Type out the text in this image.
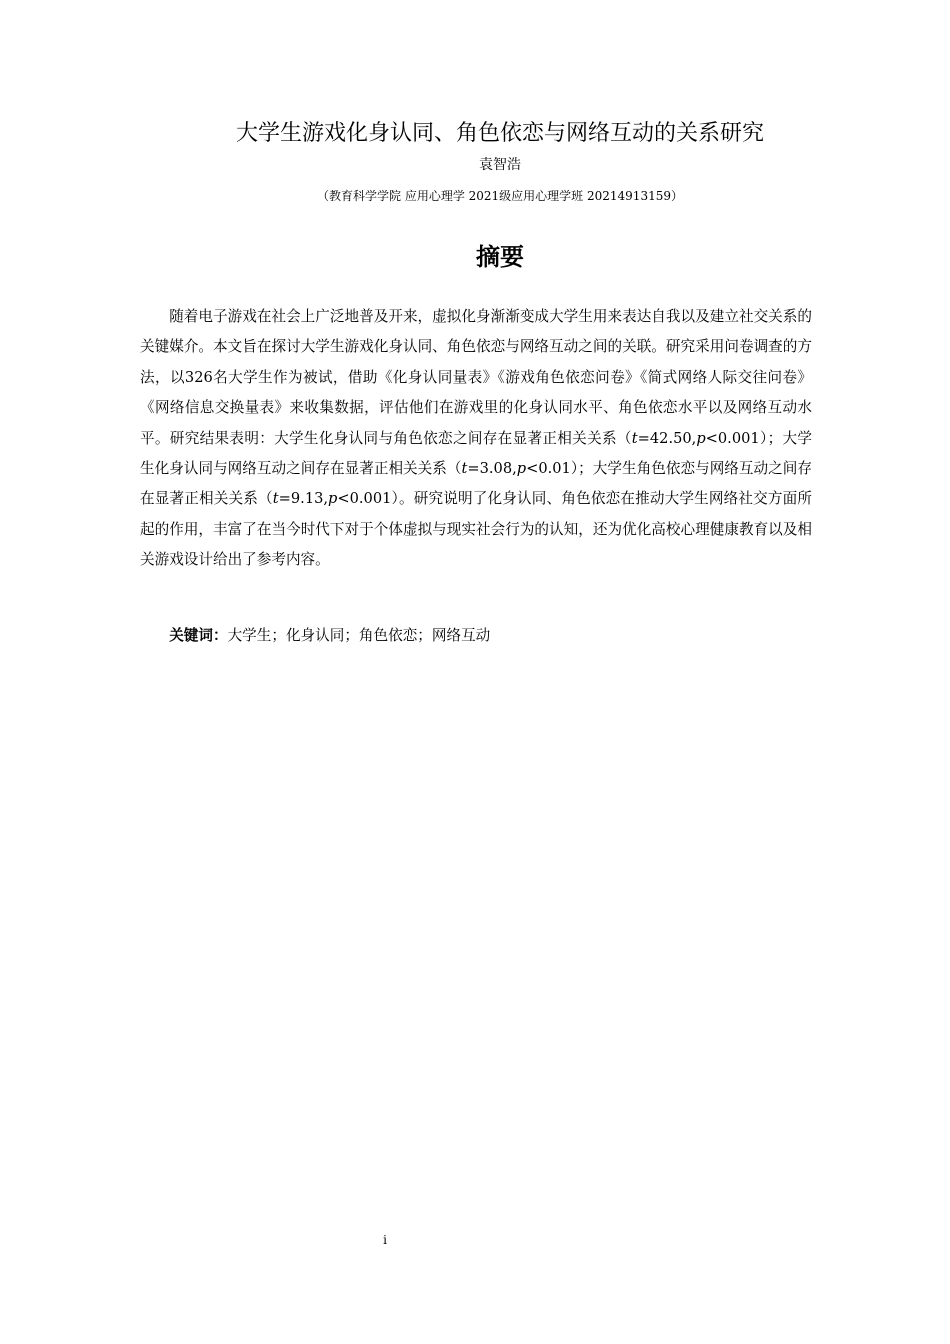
大学生游戏化身认同、角色依恋与网络互动的关系研究
袁智浩
（教育科学学院 应用心理学 2021级应用心理学班 20214913159）
摘要

随着电子游戏在社会上广泛地普及开来，虚拟化身渐渐变成大学生用来表达自我以及建立社交关系的关键媒介。本文旨在探讨大学生游戏化身认同、角色依恋与网络互动之间的关联。研究采用问卷调查的方法，以326名大学生作为被试，借助《化身认同量表》《游戏角色依恋问卷》《简式网络人际交往问卷》《网络信息交换量表》来收集数据，评估他们在游戏里的化身认同水平、角色依恋水平以及网络互动水平。研究结果表明：大学生化身认同与角色依恋之间存在显著正相关关系（t=42.50,p<0.001）；大学生化身认同与网络互动之间存在显著正相关关系（t=3.08,p<0.01）；大学生角色依恋与网络互动之间存在显著正相关关系（t=9.13,p<0.001）。研究说明了化身认同、角色依恋在推动大学生网络社交方面所起的作用，丰富了在当今时代下对于个体虚拟与现实社会行为的认知，还为优化高校心理健康教育以及相关游戏设计给出了参考内容。

关键词：大学生；化身认同；角色依恋；网络互动
i
